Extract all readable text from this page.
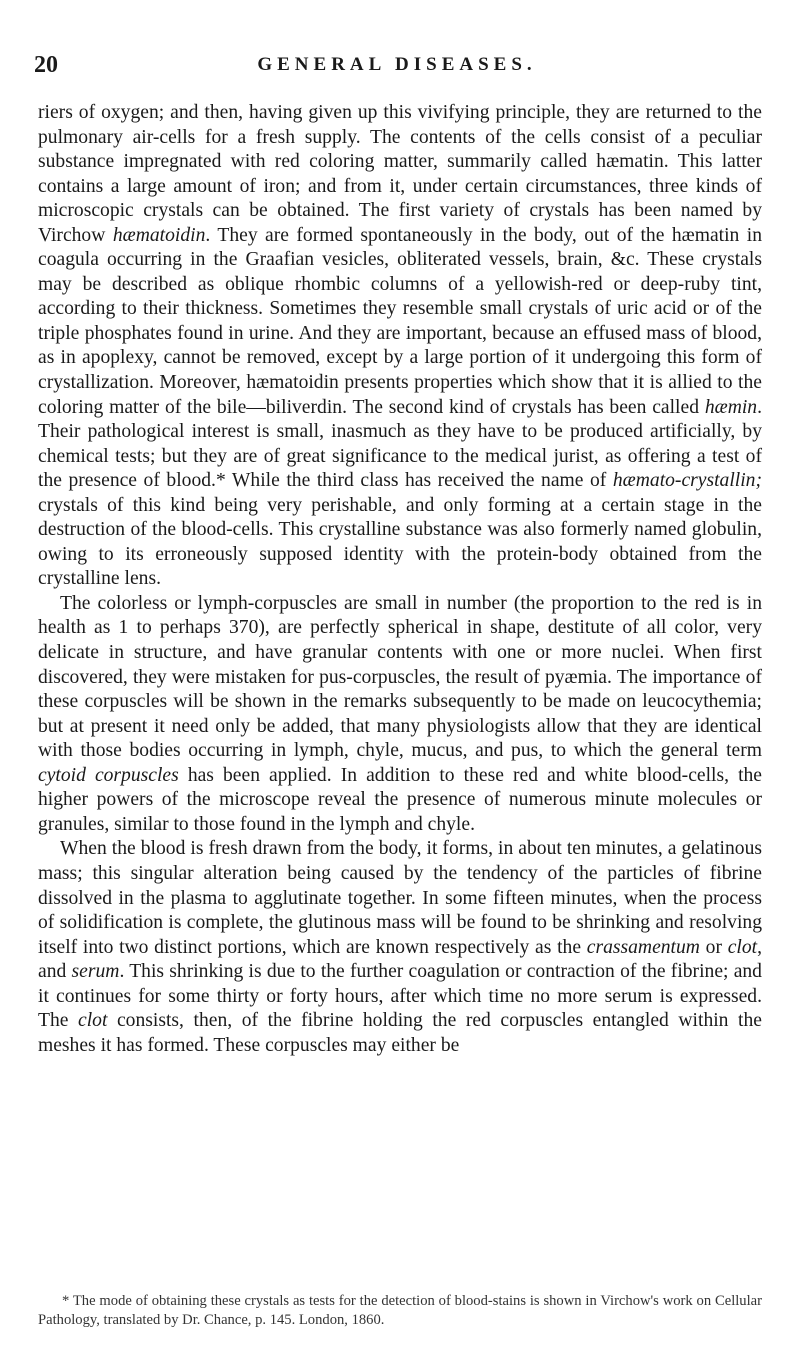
20	GENERAL DISEASES.

riers of oxygen; and then, having given up this vivifying principle, they are returned to the pulmonary air-cells for a fresh supply. The contents of the cells consist of a peculiar substance impregnated with red coloring matter, summarily called hæmatin. This latter contains a large amount of iron; and from it, under certain circumstances, three kinds of microscopic crystals can be obtained. The first variety of crystals has been named by Virchow hæmatoidin. They are formed spontaneously in the body, out of the hæmatin in coagula occurring in the Graafian vesicles, obliterated vessels, brain, &c. These crystals may be described as oblique rhombic columns of a yellowish-red or deep-ruby tint, according to their thickness. Sometimes they resemble small crystals of uric acid or of the triple phosphates found in urine. And they are important, because an effused mass of blood, as in apoplexy, cannot be removed, except by a large portion of it undergoing this form of crystallization. Moreover, hæmatoidin presents properties which show that it is allied to the coloring matter of the bile—biliverdin. The second kind of crystals has been called hæmin. Their pathological interest is small, inasmuch as they have to be produced artificially, by chemical tests; but they are of great significance to the medical jurist, as offering a test of the presence of blood.* While the third class has received the name of hæmato-crystallin; crystals of this kind being very perishable, and only forming at a certain stage in the destruction of the blood-cells. This crystalline substance was also formerly named globulin, owing to its erroneously supposed identity with the protein-body obtained from the crystalline lens.

The colorless or lymph-corpuscles are small in number (the proportion to the red is in health as 1 to perhaps 370), are perfectly spherical in shape, destitute of all color, very delicate in structure, and have granular contents with one or more nuclei. When first discovered, they were mistaken for pus-corpuscles, the result of pyæmia. The importance of these corpuscles will be shown in the remarks subsequently to be made on leucocythemia; but at present it need only be added, that many physiologists allow that they are identical with those bodies occurring in lymph, chyle, mucus, and pus, to which the general term cytoid corpuscles has been applied. In addition to these red and white blood-cells, the higher powers of the microscope reveal the presence of numerous minute molecules or granules, similar to those found in the lymph and chyle.

When the blood is fresh drawn from the body, it forms, in about ten minutes, a gelatinous mass; this singular alteration being caused by the tendency of the particles of fibrine dissolved in the plasma to agglutinate together. In some fifteen minutes, when the process of solidification is complete, the glutinous mass will be found to be shrinking and resolving itself into two distinct portions, which are known respectively as the crassamentum or clot, and serum. This shrinking is due to the further coagulation or contraction of the fibrine; and it continues for some thirty or forty hours, after which time no more serum is expressed. The clot consists, then, of the fibrine holding the red corpuscles entangled within the meshes it has formed. These corpuscles may either be

* The mode of obtaining these crystals as tests for the detection of blood-stains is shown in Virchow's work on Cellular Pathology, translated by Dr. Chance, p. 145. London, 1860.
